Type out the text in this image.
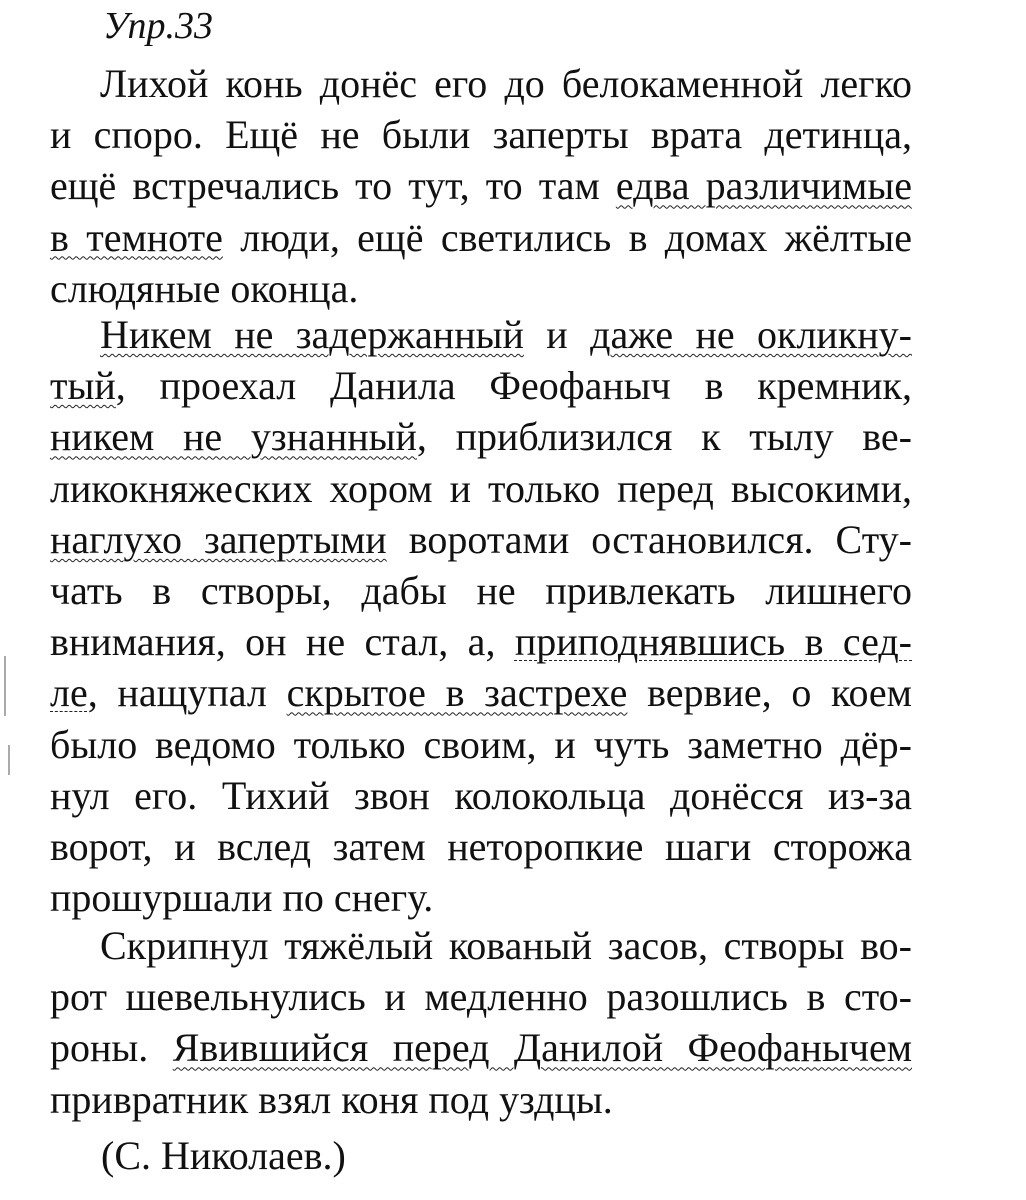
Упр.33
Лихой конь донёс его до белокаменной легко
и споро. Ещё не были заперты врата детинца,
ещё встречались то тут, то там едва различимые
в темноте люди, ещё светились в домах жёлтые
слюдяные оконца.
Никем не задержанный и даже не окликну-
тый, проехал Данила Феофаныч в кремник,
никем не узнанный, приблизился к тылу ве-
ликокняжеских хором и только перед высокими,
наглухо запертыми воротами остановился. Сту-
чать в створы, дабы не привлекать лишнего
внимания, он не стал, а, приподнявшись в сед-
ле, нащупал скрытое в застрехе вервие, о коем
было ведомо только своим, и чуть заметно дёр-
нул его. Тихий звон колокольца донёсся из-за
ворот, и вслед затем неторопкие шаги сторожа
прошуршали по снегу.
Скрипнул тяжёлый кованый засов, створы во-
рот шевельнулись и медленно разошлись в сто-
роны. Явившийся перед Данилой Феофанычем
привратник взял коня под уздцы.
(С. Николаев.)
